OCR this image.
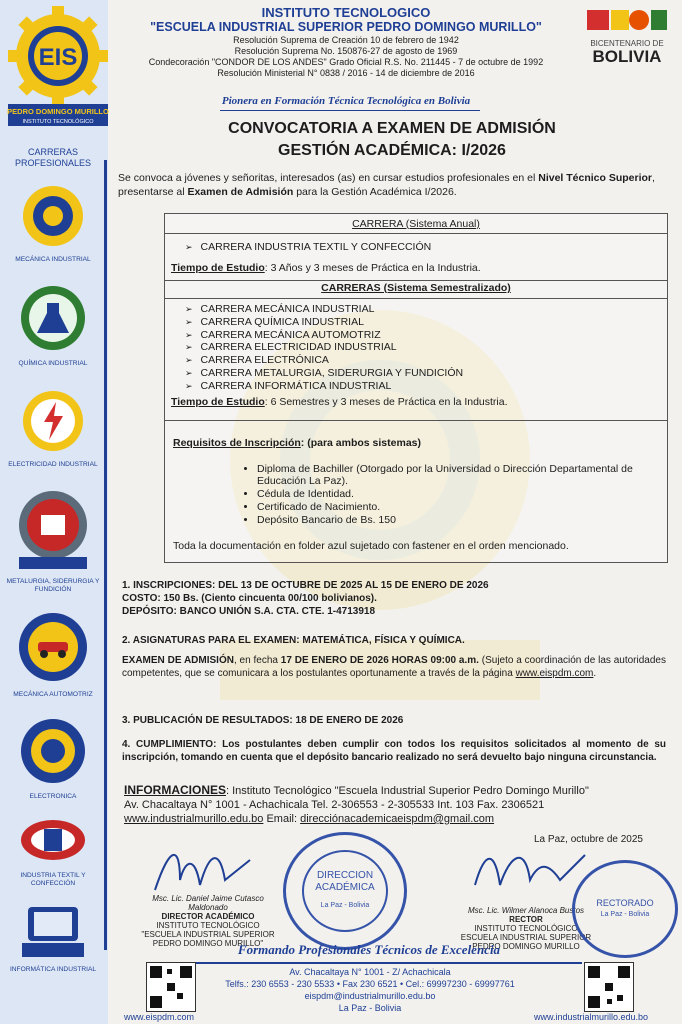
EIS
PEDRO DOMINGO MURILLO
INSTITUTO TECNOLÓGICO
CARRERAS PROFESIONALES
MECÁNICA INDUSTRIAL
QUÍMICA INDUSTRIAL
ELECTRICIDAD INDUSTRIAL
METALURGIA, SIDERURGIA Y FUNDICIÓN
MECÁNICA AUTOMOTRIZ
ELECTRONICA
INDUSTRIA TEXTIL Y CONFECCIÓN
INFORMÁTICA INDUSTRIAL
INSTITUTO TECNOLOGICO
"ESCUELA INDUSTRIAL SUPERIOR PEDRO DOMINGO MURILLO"
Resolución Suprema de Creación 10 de febrero de 1942
Resolución Suprema No. 150876-27 de agosto de 1969
Condecoración "CONDOR DE LOS ANDES" Grado Oficial R.S. No. 211445 - 7 de octubre de 1992
Resolución Ministerial N° 0838 / 2016 - 14 de diciembre de 2016
Pionera en Formación Técnica Tecnológica en Bolivia
BICENTENARIO DE
BOLIVIA
CONVOCATORIA A EXAMEN DE ADMISIÓN
GESTIÓN ACADÉMICA: I/2026
Se convoca a jóvenes y señoritas, interesados (as) en cursar estudios profesionales en el Nivel Técnico Superior, presentarse al Examen de Admisión para la Gestión Académica I/2026.
CARRERA (Sistema Anual)
➢ CARRERA INDUSTRIA TEXTIL Y CONFECCIÓN
Tiempo de Estudio: 3 Años y 3 meses de Práctica en la Industria.
CARRERAS (Sistema Semestralizado)
➢ CARRERA MECÁNICA INDUSTRIAL
➢ CARRERA QUÍMICA INDUSTRIAL
➢ CARRERA MECÁNICA AUTOMOTRIZ
➢ CARRERA ELECTRICIDAD INDUSTRIAL
➢ CARRERA ELECTRÓNICA
➢ CARRERA METALURGIA, SIDERURGIA Y FUNDICIÓN
➢ CARRERA INFORMÁTICA INDUSTRIAL
Tiempo de Estudio: 6 Semestres y 3 meses de Práctica en la Industria.
Requisitos de Inscripción: (para ambos sistemas)
• Diploma de Bachiller (Otorgado por la Universidad o Dirección Departamental de Educación La Paz).
• Cédula de Identidad.
• Certificado de Nacimiento.
• Depósito Bancario de Bs. 150
Toda la documentación en folder azul sujetado con fastener en el orden mencionado.
1. INSCRIPCIONES: DEL 13 DE OCTUBRE DE 2025 AL 15 DE ENERO DE 2026
COSTO: 150 Bs. (Ciento cincuenta 00/100 bolivianos).
DEPÓSITO: BANCO UNIÓN S.A. CTA. CTE. 1-4713918
2. ASIGNATURAS PARA EL EXAMEN: MATEMÁTICA, FÍSICA Y QUÍMICA.
EXAMEN DE ADMISIÓN, en fecha 17 DE ENERO DE 2026 HORAS 09:00 a.m. (Sujeto a coordinación de las autoridades competentes, que se comunicara a los postulantes oportunamente a través de la página www.eispdm.com.
3. PUBLICACIÓN DE RESULTADOS: 18 DE ENERO DE 2026
4. CUMPLIMIENTO: Los postulantes deben cumplir con todos los requisitos solicitados al momento de su inscripción, tomando en cuenta que el depósito bancario realizado no será devuelto bajo ninguna circunstancia.
INFORMACIONES: Instituto Tecnológico "Escuela Industrial Superior Pedro Domingo Murillo"
Av. Chacaltaya N° 1001 - Achachicala Tel. 2-306553 - 2-305533 Int. 103 Fax. 2306521
www.industrialmurillo.edu.bo Email: direcciónacademicaeispdm@gmail.com
La Paz, octubre de 2025
Msc. Lic. Daniel Jaime Cutasco Maldonado
DIRECTOR ACADÉMICO
INSTITUTO TECNOLÓGICO
"ESCUELA INDUSTRIAL SUPERIOR
PEDRO DOMINGO MURILLO"
DIRECCION
ACADÉMICA
La Paz - Bolivia
Msc. Lic. Wilmer Alanoca Bustos
RECTOR
INSTITUTO TECNOLÓGICO
ESCUELA INDUSTRIAL SUPERIOR
PEDRO DOMINGO MURILLO
RECTORADO
La Paz - Bolivia
Formando Profesionales Técnicos de Excelencia
Av. Chacaltaya N° 1001 - Z/ Achachicala
Telfs.: 230 6553 - 230 5533 • Fax 230 6521 • Cel.: 69997230 - 69997761
eispdm@industrialmurillo.edu.bo
La Paz - Bolivia
www.eispdm.com	www.industrialmurillo.edu.bo
